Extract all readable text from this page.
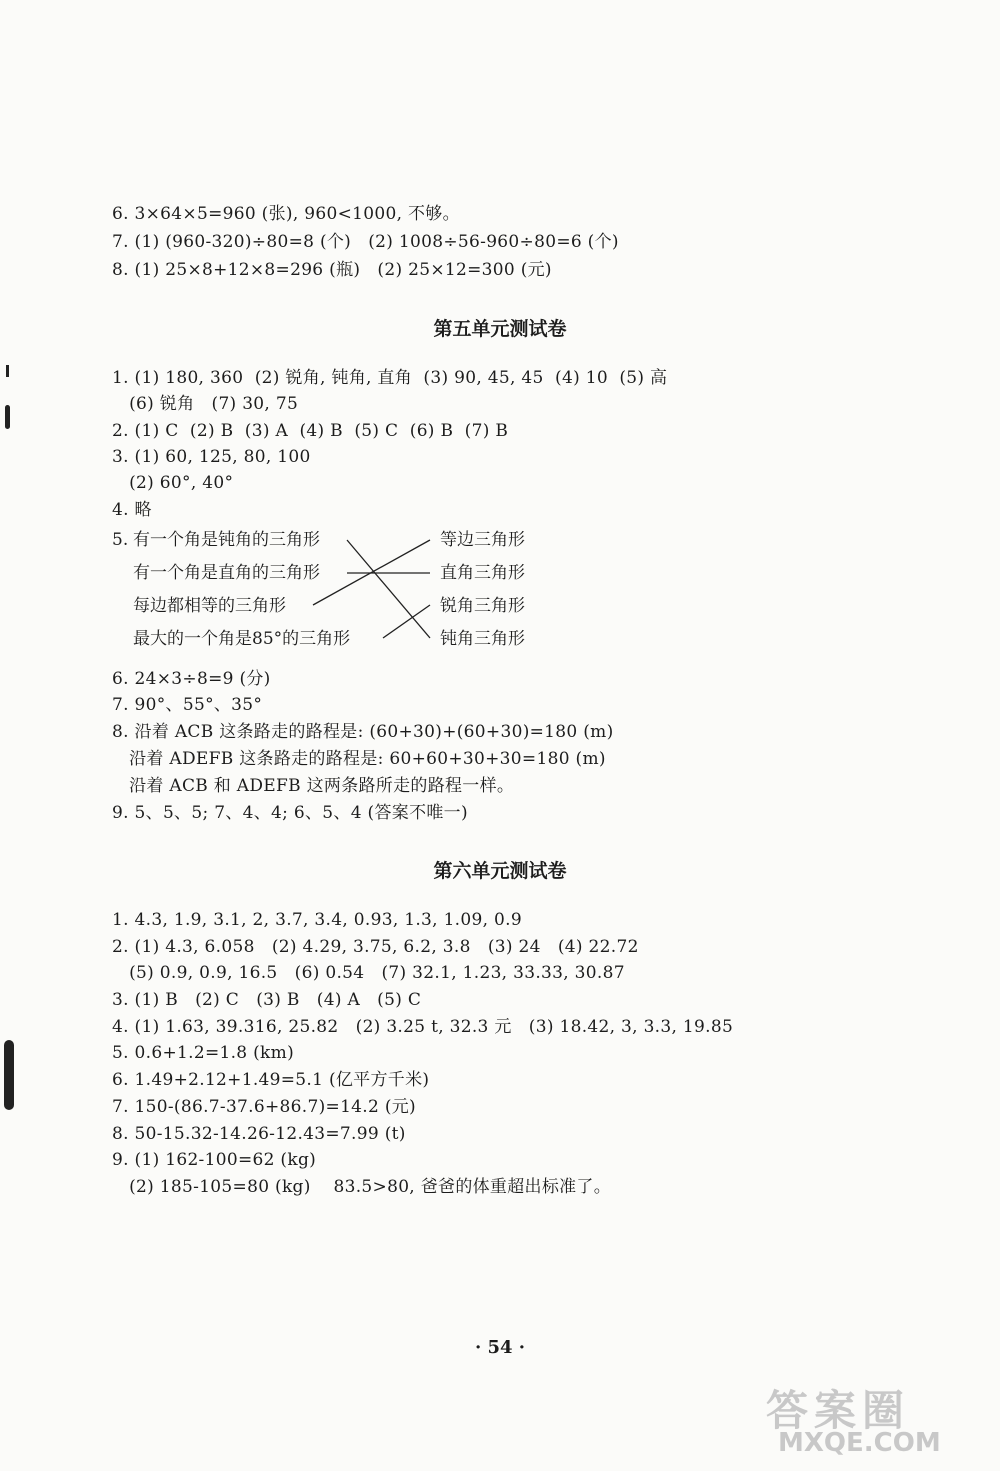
6. 3×64×5=960 (张), 960<1000, 不够。
7. (1) (960-320)÷80=8 (个)   (2) 1008÷56-960÷80=6 (个)
8. (1) 25×8+12×8=296 (瓶)   (2) 25×12=300 (元)
第五单元测试卷
1. (1) 180, 360  (2) 锐角, 钝角, 直角  (3) 90, 45, 45  (4) 10  (5) 高
(6) 锐角   (7) 30, 75
2. (1) C  (2) B  (3) A  (4) B  (5) C  (6) B  (7) B
3. (1) 60, 125, 80, 100
(2) 60°, 40°
4. 略
5. 有一个角是钝角的三角形
有一个角是直角的三角形
每边都相等的三角形
最大的一个角是85°的三角形
等边三角形
直角三角形
锐角三角形
钝角三角形
6. 24×3÷8=9 (分)
7. 90°、55°、35°
8. 沿着 ACB 这条路走的路程是: (60+30)+(60+30)=180 (m)
沿着 ADEFB 这条路走的路程是: 60+60+30+30=180 (m)
沿着 ACB 和 ADEFB 这两条路所走的路程一样。
9. 5、5、5; 7、4、4; 6、5、4 (答案不唯一)
第六单元测试卷
1. 4.3, 1.9, 3.1, 2, 3.7, 3.4, 0.93, 1.3, 1.09, 0.9
2. (1) 4.3, 6.058   (2) 4.29, 3.75, 6.2, 3.8   (3) 24   (4) 22.72
(5) 0.9, 0.9, 16.5   (6) 0.54   (7) 32.1, 1.23, 33.33, 30.87
3. (1) B   (2) C   (3) B   (4) A   (5) C
4. (1) 1.63, 39.316, 25.82   (2) 3.25 t, 32.3 元   (3) 18.42, 3, 3.3, 19.85
5. 0.6+1.2=1.8 (km)
6. 1.49+2.12+1.49=5.1 (亿平方千米)
7. 150-(86.7-37.6+86.7)=14.2 (元)
8. 50-15.32-14.26-12.43=7.99 (t)
9. (1) 162-100=62 (kg)
(2) 185-105=80 (kg)    83.5>80, 爸爸的体重超出标准了。
· 54 ·
答案圈
MXQE.COM
